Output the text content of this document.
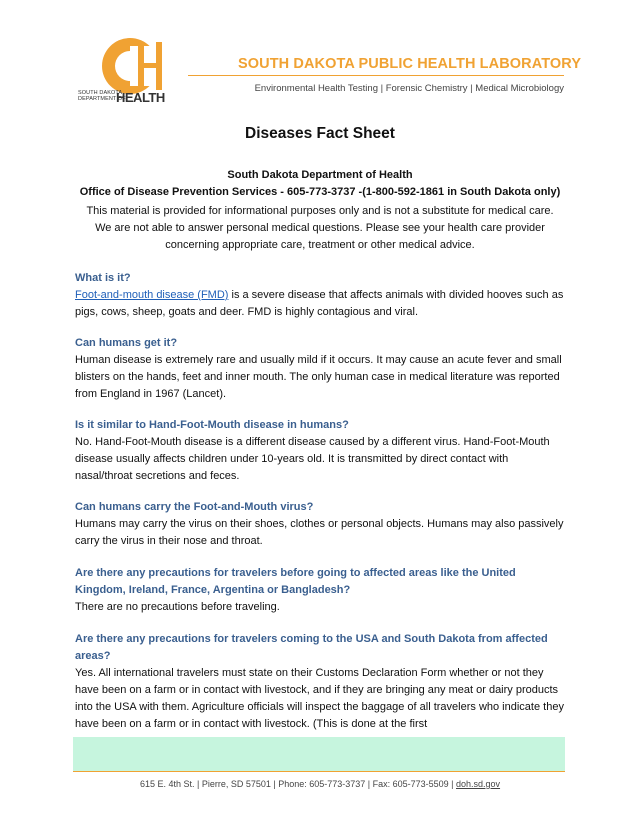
SOUTH DAKOTA
DEPARTMENT OF
HEALTH
SOUTH DAKOTA PUBLIC HEALTH LABORATORY
Environmental Health Testing | Forensic Chemistry | Medical Microbiology
Diseases Fact Sheet
South Dakota Department of Health
Office of Disease Prevention Services - 605-773-3737 -(1-800-592-1861 in South Dakota only)
This material is provided for informational purposes only and is not a substitute for medical care. We are not able to answer personal medical questions. Please see your health care provider concerning appropriate care, treatment or other medical advice.
What is it?
Foot-and-mouth disease (FMD) is a severe disease that affects animals with divided hooves such as pigs, cows, sheep, goats and deer. FMD is highly contagious and viral.
Can humans get it?
Human disease is extremely rare and usually mild if it occurs. It may cause an acute fever and small blisters on the hands, feet and inner mouth. The only human case in medical literature was reported from England in 1967 (Lancet).
Is it similar to Hand-Foot-Mouth disease in humans?
No. Hand-Foot-Mouth disease is a different disease caused by a different virus. Hand-Foot-Mouth disease usually affects children under 10-years old. It is transmitted by direct contact with nasal/throat secretions and feces.
Can humans carry the Foot-and-Mouth virus?
Humans may carry the virus on their shoes, clothes or personal objects. Humans may also passively carry the virus in their nose and throat.
Are there any precautions for travelers before going to affected areas like the United Kingdom, Ireland, France, Argentina or Bangladesh?
There are no precautions before traveling.
Are there any precautions for travelers coming to the USA and South Dakota from affected areas?
Yes. All international travelers must state on their Customs Declaration Form whether or not they have been on a farm or in contact with livestock, and if they are bringing any meat or dairy products into the USA with them. Agriculture officials will inspect the baggage of all travelers who indicate they have been on a farm or in contact with livestock. (This is done at the first
615 E. 4th St. | Pierre, SD 57501 | Phone: 605-773-3737 | Fax: 605-773-5509 | doh.sd.gov
